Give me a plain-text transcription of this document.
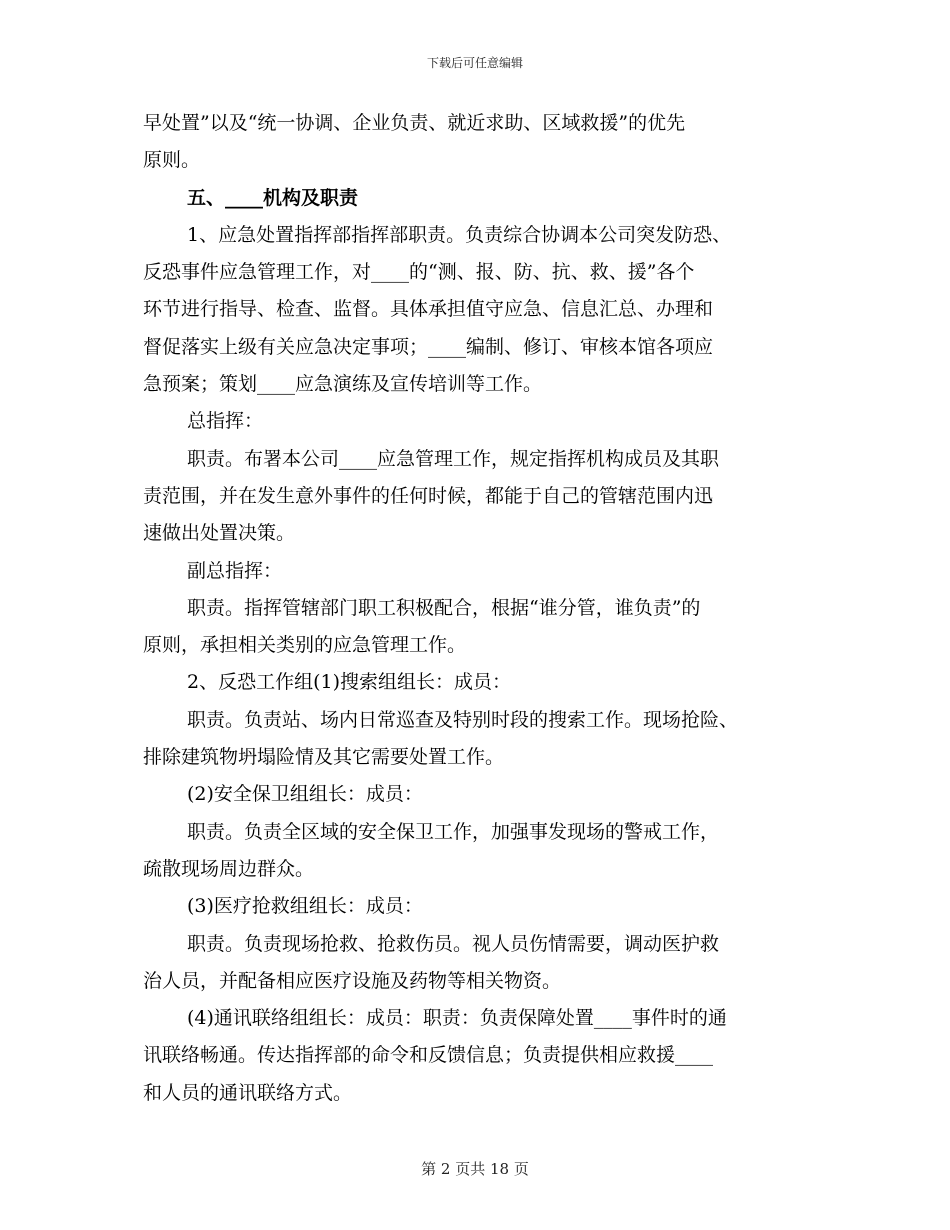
下载后可任意编辑
早处置”以及“统一协调、企业负责、就近求助、区域救援”的优先
原则。
五、____机构及职责
1、应急处置指挥部指挥部职责。负责综合协调本公司突发防恐、
反恐事件应急管理工作，对____的“测、报、防、抗、救、援”各个
环节进行指导、检查、监督。具体承担值守应急、信息汇总、办理和
督促落实上级有关应急决定事项；____编制、修订、审核本馆各项应
急预案；策划____应急演练及宣传培训等工作。
总指挥：
职责。布署本公司____应急管理工作，规定指挥机构成员及其职
责范围，并在发生意外事件的任何时候，都能于自己的管辖范围内迅
速做出处置决策。
副总指挥：
职责。指挥管辖部门职工积极配合，根据“谁分管，谁负责”的
原则，承担相关类别的应急管理工作。
2、反恐工作组(1)搜索组组长：成员：
职责。负责站、场内日常巡查及特别时段的搜索工作。现场抢险、
排除建筑物坍塌险情及其它需要处置工作。
(2)安全保卫组组长：成员：
职责。负责全区域的安全保卫工作，加强事发现场的警戒工作，
疏散现场周边群众。
(3)医疗抢救组组长：成员：
职责。负责现场抢救、抢救伤员。视人员伤情需要，调动医护救
治人员，并配备相应医疗设施及药物等相关物资。
(4)通讯联络组组长：成员：职责：负责保障处置____事件时的通
讯联络畅通。传达指挥部的命令和反馈信息；负责提供相应救援____
和人员的通讯联络方式。
第 2 页共 18 页
